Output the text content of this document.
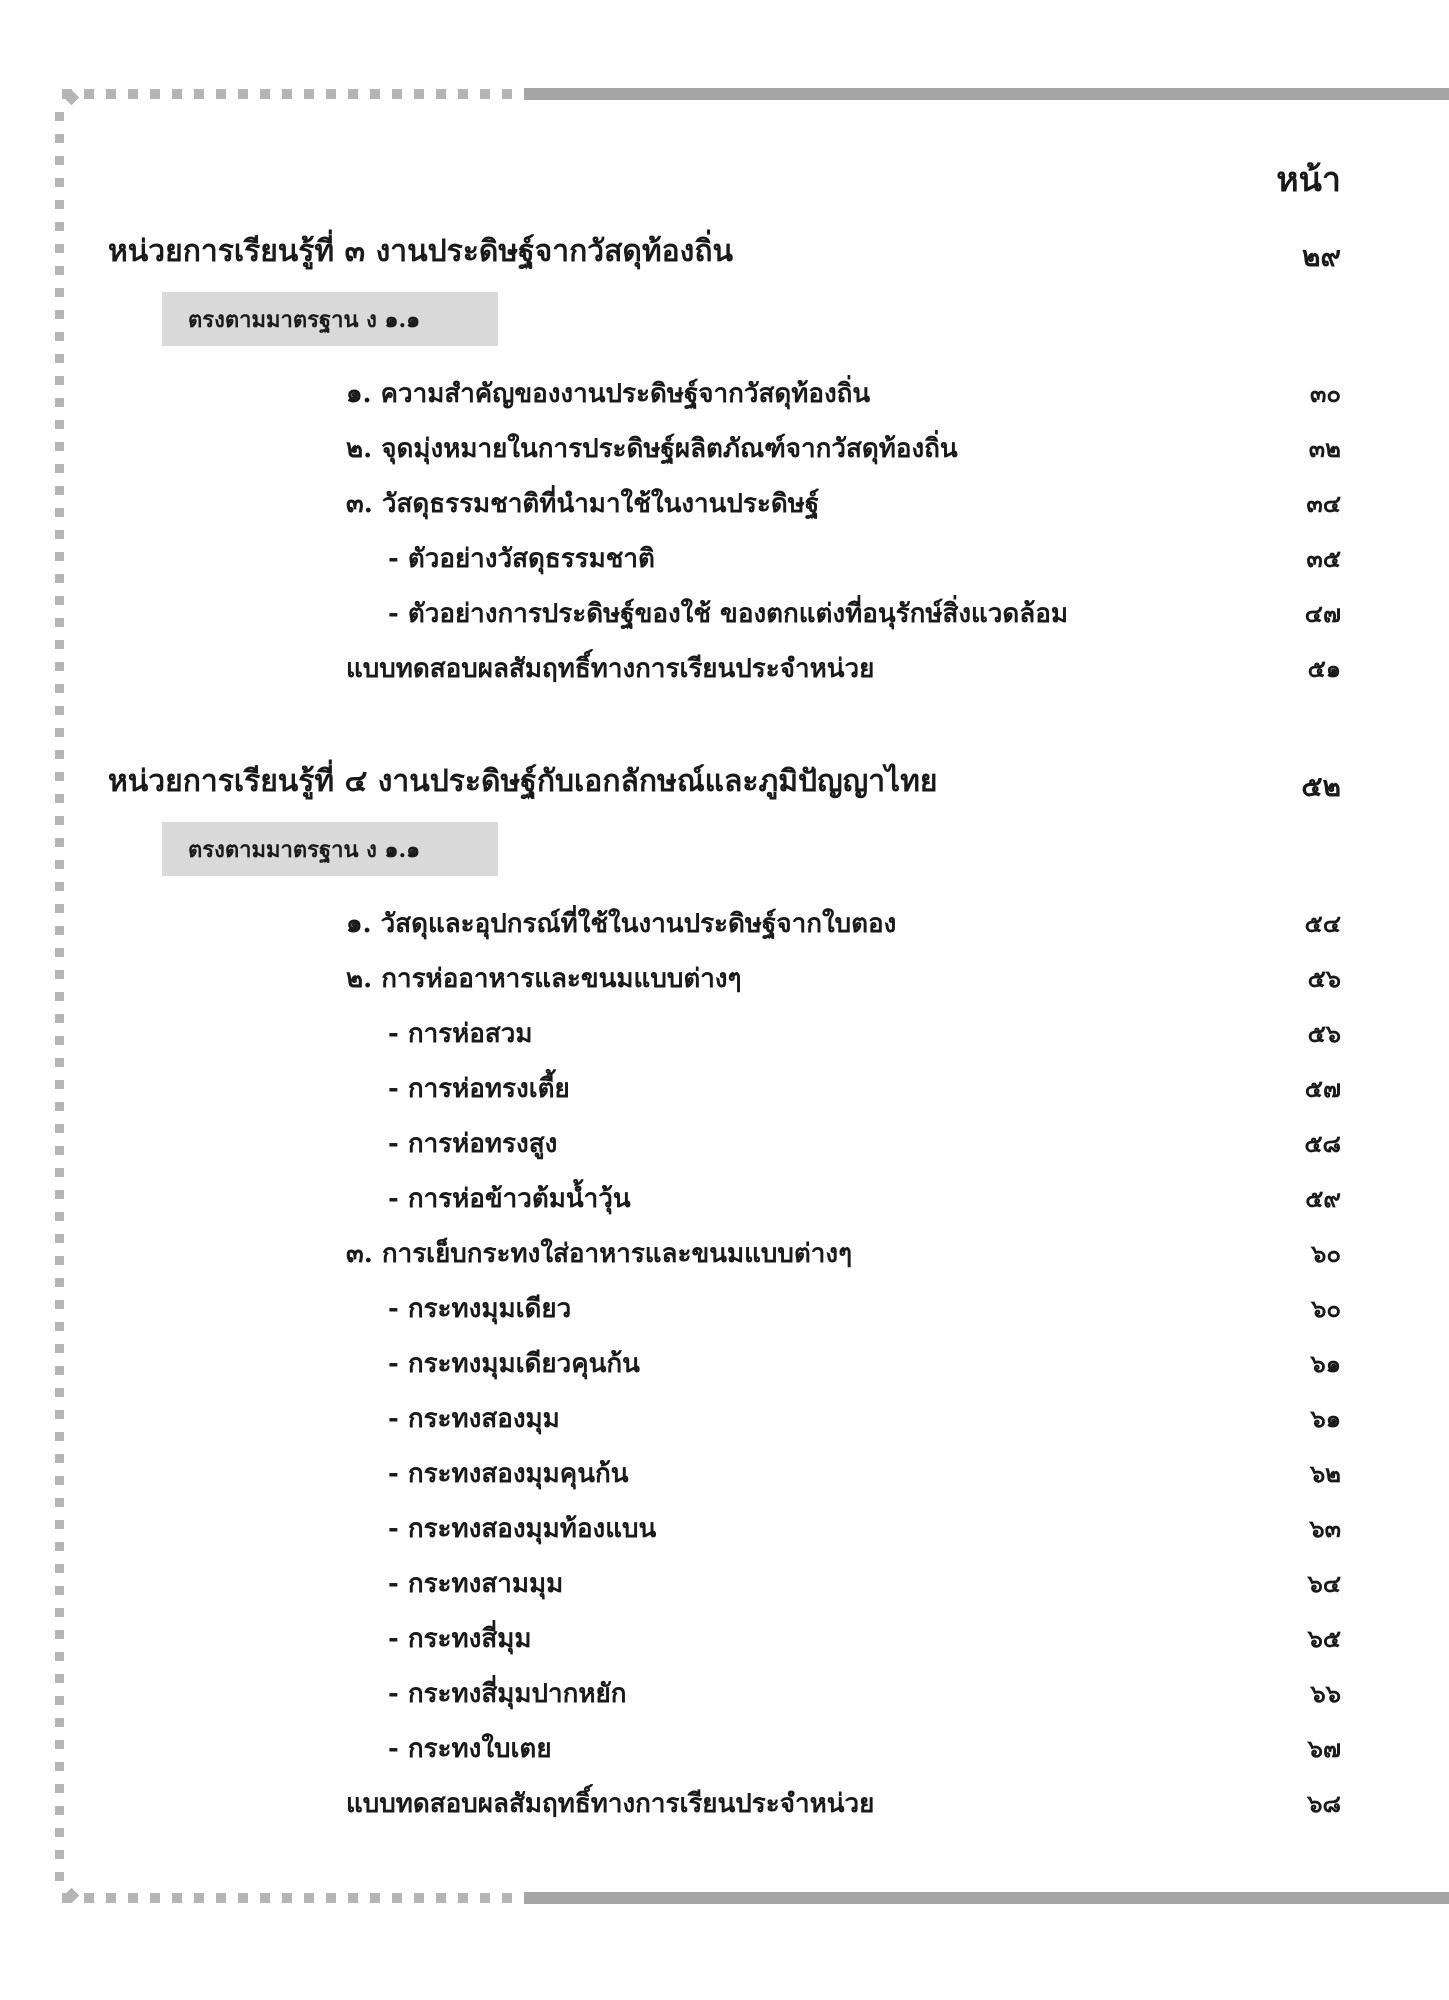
หน้า
หน่วยการเรียนรู้ที่ ๓ งานประดิษฐ์จากวัสดุท้องถิ่น	๒๙
ตรงตามมาตรฐาน ง ๑.๑
๑. ความสำคัญของงานประดิษฐ์จากวัสดุท้องถิ่น	๓๐
๒. จุดมุ่งหมายในการประดิษฐ์ผลิตภัณฑ์จากวัสดุท้องถิ่น	๓๒
๓. วัสดุธรรมชาติที่นำมาใช้ในงานประดิษฐ์	๓๔
- ตัวอย่างวัสดุธรรมชาติ	๓๕
- ตัวอย่างการประดิษฐ์ของใช้ ของตกแต่งที่อนุรักษ์สิ่งแวดล้อม	๔๗
แบบทดสอบผลสัมฤทธิ์ทางการเรียนประจำหน่วย	๕๑
หน่วยการเรียนรู้ที่ ๔ งานประดิษฐ์กับเอกลักษณ์และภูมิปัญญาไทย	๕๒
ตรงตามมาตรฐาน ง ๑.๑
๑. วัสดุและอุปกรณ์ที่ใช้ในงานประดิษฐ์จากใบตอง	๕๔
๒. การห่ออาหารและขนมแบบต่างๆ	๕๖
- การห่อสวม	๕๖
- การห่อทรงเตี้ย	๕๗
- การห่อทรงสูง	๕๘
- การห่อข้าวต้มน้ำวุ้น	๕๙
๓. การเย็บกระทงใส่อาหารและขนมแบบต่างๆ	๖๐
- กระทงมุมเดียว	๖๐
- กระทงมุมเดียวคุนก้น	๖๑
- กระทงสองมุม	๖๑
- กระทงสองมุมคุนก้น	๖๒
- กระทงสองมุมท้องแบน	๖๓
- กระทงสามมุม	๖๔
- กระทงสี่มุม	๖๕
- กระทงสี่มุมปากหยัก	๖๖
- กระทงใบเตย	๖๗
แบบทดสอบผลสัมฤทธิ์ทางการเรียนประจำหน่วย	๖๘
